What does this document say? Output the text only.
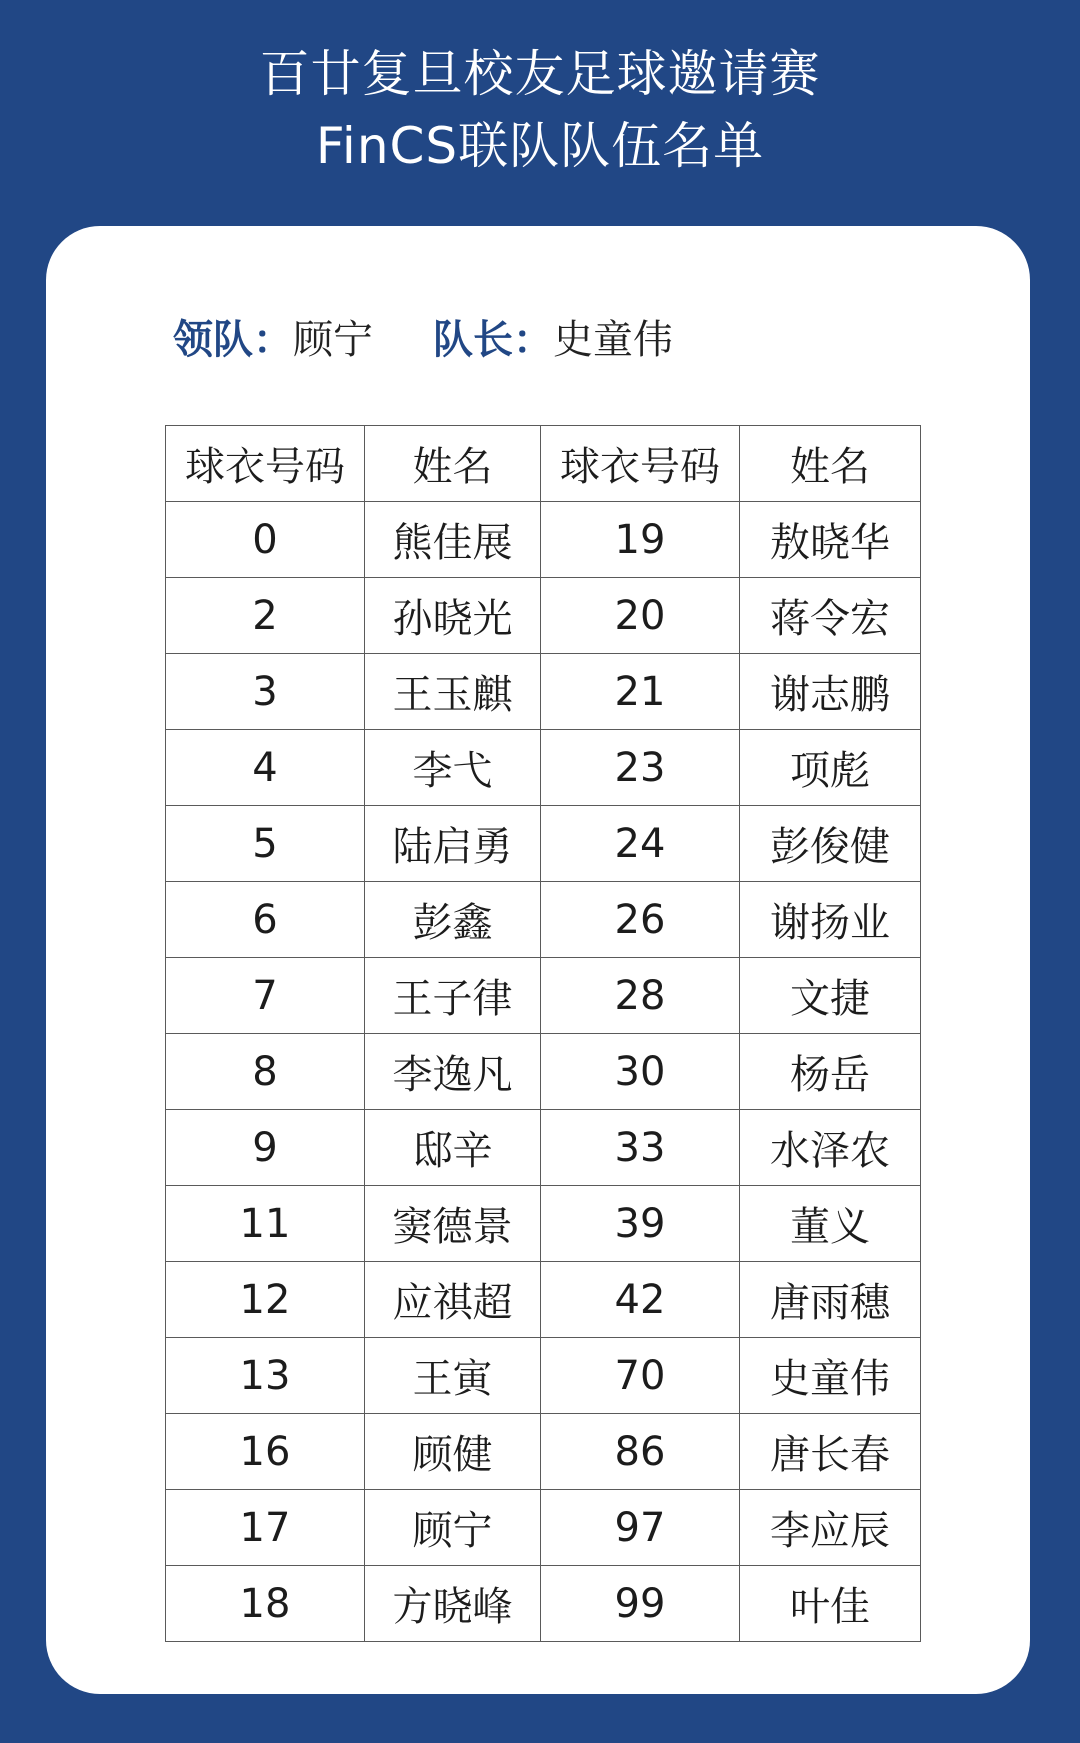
百廿复旦校友足球邀请赛
FinCS联队队伍名单
领队： 顾宁 队长： 史童伟
球衣号码	姓名	球衣号码	姓名
0	熊佳展	19	敖晓华
2	孙晓光	20	蒋令宏
3	王玉麒	21	谢志鹏
4	李弋	23	项彪
5	陆启勇	24	彭俊健
6	彭鑫	26	谢扬业
7	王子律	28	文捷
8	李逸凡	30	杨岳
9	邸辛	33	水泽农
11	窦德景	39	董义
12	应祺超	42	唐雨穗
13	王寅	70	史童伟
16	顾健	86	唐长春
17	顾宁	97	李应辰
18	方晓峰	99	叶佳
